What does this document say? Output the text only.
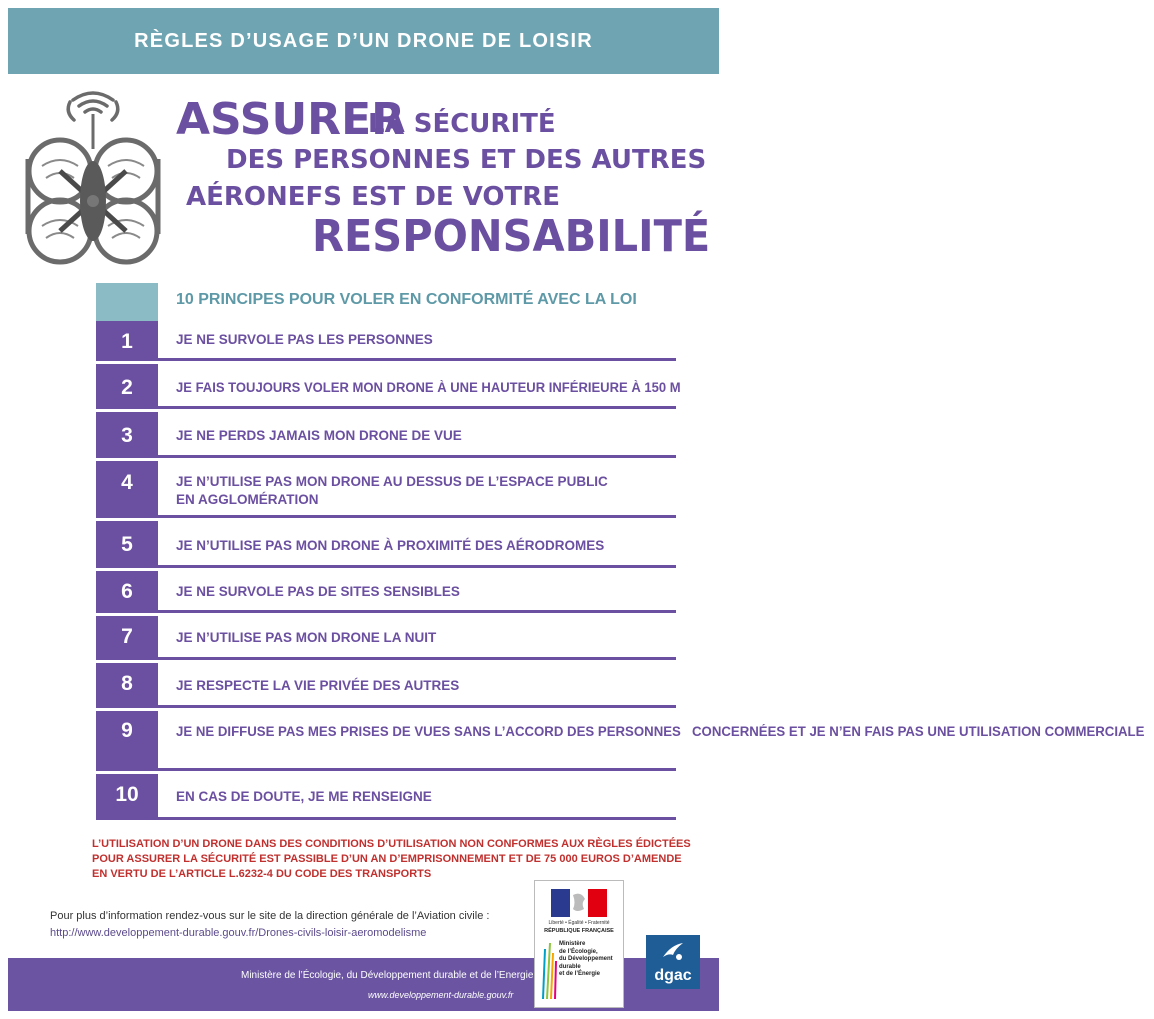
RÈGLES D’USAGE D’UN DRONE DE LOISIR
ASSURER
LA SÉCURITÉ
DES PERSONNES ET DES AUTRES
AÉRONEFS EST DE VOTRE
RESPONSABILITÉ
10 PRINCIPES POUR VOLER EN CONFORMITÉ AVEC LA LOI
1	JE NE SURVOLE PAS LES PERSONNES
2	JE FAIS TOUJOURS VOLER MON DRONE À UNE HAUTEUR INFÉRIEURE À 150 M
3	JE NE PERDS JAMAIS MON DRONE DE VUE
4	JE N’UTILISE PAS MON DRONE AU DESSUS DE L’ESPACE PUBLIC
EN AGGLOMÉRATION
5	JE N’UTILISE PAS MON DRONE À PROXIMITÉ DES AÉRODROMES
6	JE NE SURVOLE PAS DE SITES SENSIBLES
7	JE N’UTILISE PAS MON DRONE LA NUIT
8	JE RESPECTE LA VIE PRIVÉE DES AUTRES
9	JE NE DIFFUSE PAS MES PRISES DE VUES SANS L’ACCORD DES PERSONNES CONCERNÉES ET JE N’EN FAIS PAS UNE UTILISATION COMMERCIALE
10	EN CAS DE DOUTE, JE ME RENSEIGNE
L’UTILISATION D’UN DRONE DANS DES CONDITIONS D’UTILISATION NON CONFORMES AUX RÈGLES ÉDICTÉES
POUR ASSURER LA SÉCURITÉ EST PASSIBLE D’UN AN D’EMPRISONNEMENT ET DE 75 000 EUROS D’AMENDE
EN VERTU DE L’ARTICLE L.6232-4 DU CODE DES TRANSPORTS
Pour plus d’information rendez-vous sur le site de la direction générale de l’Aviation civile :
http://www.developpement-durable.gouv.fr/Drones-civils-loisir-aeromodelisme
Ministère de l’Écologie, du Développement durable et de l’Energie
www.developpement-durable.gouv.fr
Liberté • Égalité • Fraternité
RÉPUBLIQUE FRANÇAISE
Ministère
de l’Écologie,
du Développement
durable
et de l’Énergie	dgac
